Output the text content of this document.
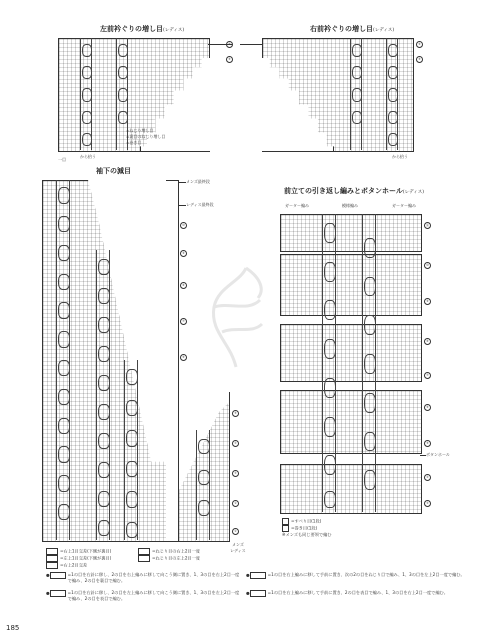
左前衿ぐりの増し目(レディス)
⑥
⑤
=ねじり増し目
=裏目のねじり増し目
=巻き目
から拾う
一目
右前衿ぐりの増し目(レディス)
⑥
⑤
から拾う
袖下の減目
メンズ最終段
レディス最終段
⑩
⑨
⑧
⑦
⑥
⑤
④
③
②
①
メンズ
レディス
=右上1目交差(下側が裏目)
=左上1目交差(下側が裏目)
=右上2目交差
=ねじり目の右上2目一度
=ねじり目の左上2目一度
前立ての引き返し編みとボタンホール(レディス)
ガーター編み	模様編み	ガーター編み
⑪
⑩
⑨
⑧
⑦
⑥
⑤
④
③
ボタンホール
=すべり目(1段)
=巻き目(1段)
※メンズも同じ要領で編む
●	=1の目を右針に移し、2の目を右上編みに移して向こう側に置き、1、3の目を右上2目一度で編み、2の目を裏目で編む。
●	=1の目を右針に移し、2の目を左上編みに移して向こう側に置き、1、3の目を左上2目一度で編み、2の目を表目で編む。
●	=1の目を右上編みに移して手前に置き、次の2の目をねじり目で編み、1、3の目を左上2目一度で編む。
●	=1の目を右上編みに移して手前に置き、2の目を表目で編み、1、3の目を右上2目一度で編む。
185
